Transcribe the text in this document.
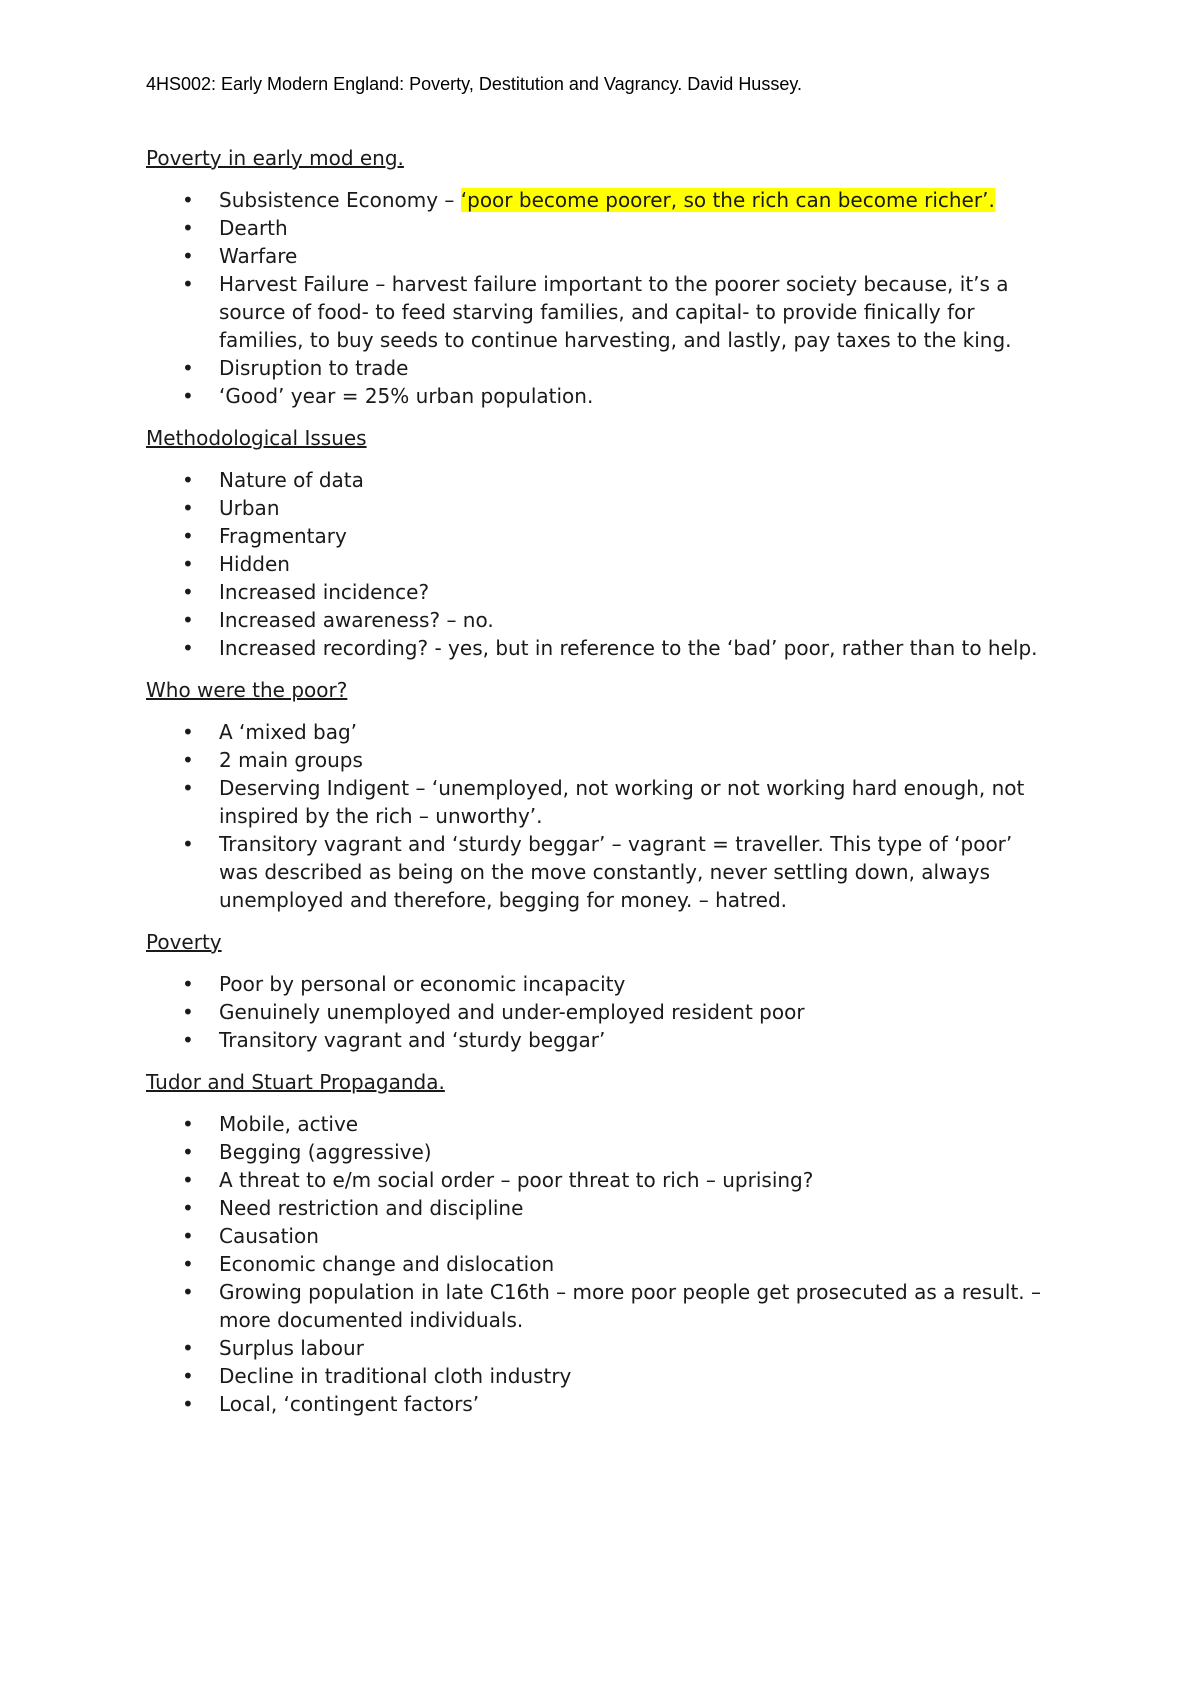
4HS002: Early Modern England: Poverty, Destitution and Vagrancy. David Hussey.
Poverty in early mod eng.
• Subsistence Economy – ‘poor become poorer, so the rich can become richer’.
• Dearth
• Warfare
• Harvest Failure – harvest failure important to the poorer society because, it’s a source of food- to feed starving families, and capital- to provide finically for families, to buy seeds to continue harvesting, and lastly, pay taxes to the king.
• Disruption to trade
• ‘Good’ year = 25% urban population.
Methodological Issues
• Nature of data
• Urban
• Fragmentary
• Hidden
• Increased incidence?
• Increased awareness? – no.
• Increased recording? - yes, but in reference to the ‘bad’ poor, rather than to help.
Who were the poor?
• A ‘mixed bag’
• 2 main groups
• Deserving Indigent – ‘unemployed, not working or not working hard enough, not inspired by the rich – unworthy’.
• Transitory vagrant and ‘sturdy beggar’ – vagrant = traveller. This type of ‘poor’ was described as being on the move constantly, never settling down, always unemployed and therefore, begging for money. – hatred.
Poverty
• Poor by personal or economic incapacity
• Genuinely unemployed and under-employed resident poor
• Transitory vagrant and ‘sturdy beggar’
Tudor and Stuart Propaganda.
• Mobile, active
• Begging (aggressive)
• A threat to e/m social order – poor threat to rich – uprising?
• Need restriction and discipline
• Causation
• Economic change and dislocation
• Growing population in late C16th – more poor people get prosecuted as a result. – more documented individuals.
• Surplus labour
• Decline in traditional cloth industry
• Local, ‘contingent factors’
